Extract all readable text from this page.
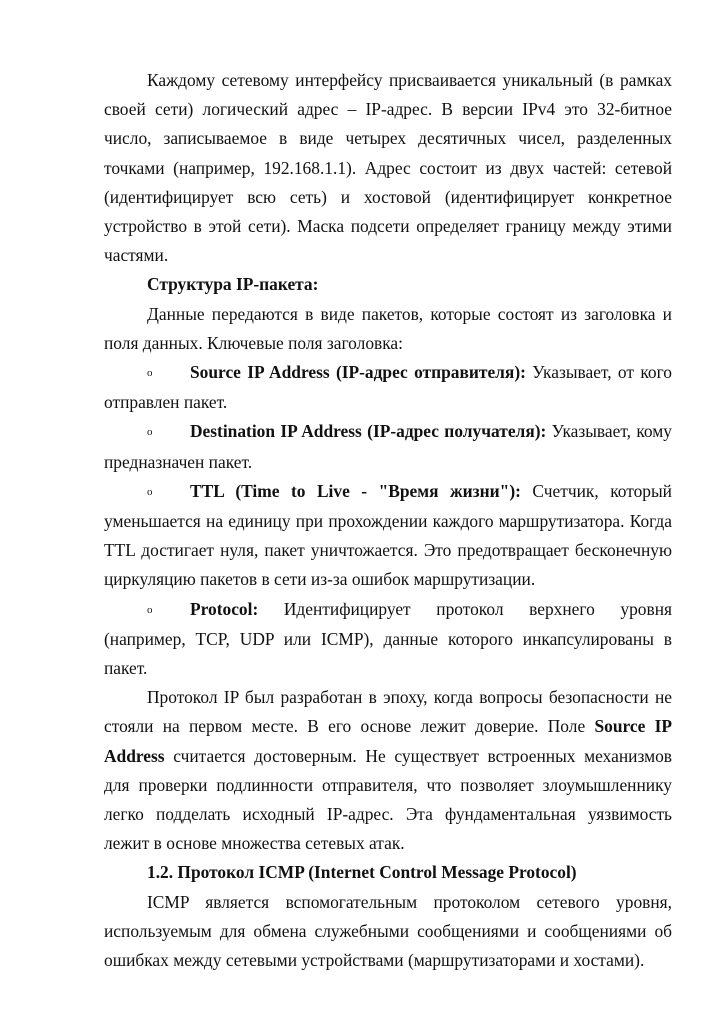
Каждому сетевому интерфейсу присваивается уникальный (в рамках своей сети) логический адрес – IP-адрес. В версии IPv4 это 32-битное число, записываемое в виде четырех десятичных чисел, разделенных точками (например, 192.168.1.1). Адрес состоит из двух частей: сетевой (идентифицирует всю сеть) и хостовой (идентифицирует конкретное устройство в этой сети). Маска подсети определяет границу между этими частями.

Структура IP-пакета:

Данные передаются в виде пакетов, которые состоят из заголовка и поля данных. Ключевые поля заголовка:

o Source IP Address (IP-адрес отправителя): Указывает, от кого отправлен пакет.

o Destination IP Address (IP-адрес получателя): Указывает, кому предназначен пакет.

o TTL (Time to Live - "Время жизни"): Счетчик, который уменьшается на единицу при прохождении каждого маршрутизатора. Когда TTL достигает нуля, пакет уничтожается. Это предотвращает бесконечную циркуляцию пакетов в сети из-за ошибок маршрутизации.

o Protocol: Идентифицирует протокол верхнего уровня (например, TCP, UDP или ICMP), данные которого инкапсулированы в пакет.

Протокол IP был разработан в эпоху, когда вопросы безопасности не стояли на первом месте. В его основе лежит доверие. Поле Source IP Address считается достоверным. Не существует встроенных механизмов для проверки подлинности отправителя, что позволяет злоумышленнику легко подделать исходный IP-адрес. Эта фундаментальная уязвимость лежит в основе множества сетевых атак.

1.2. Протокол ICMP (Internet Control Message Protocol)

ICMP является вспомогательным протоколом сетевого уровня, используемым для обмена служебными сообщениями и сообщениями об ошибках между сетевыми устройствами (маршрутизаторами и хостами).
